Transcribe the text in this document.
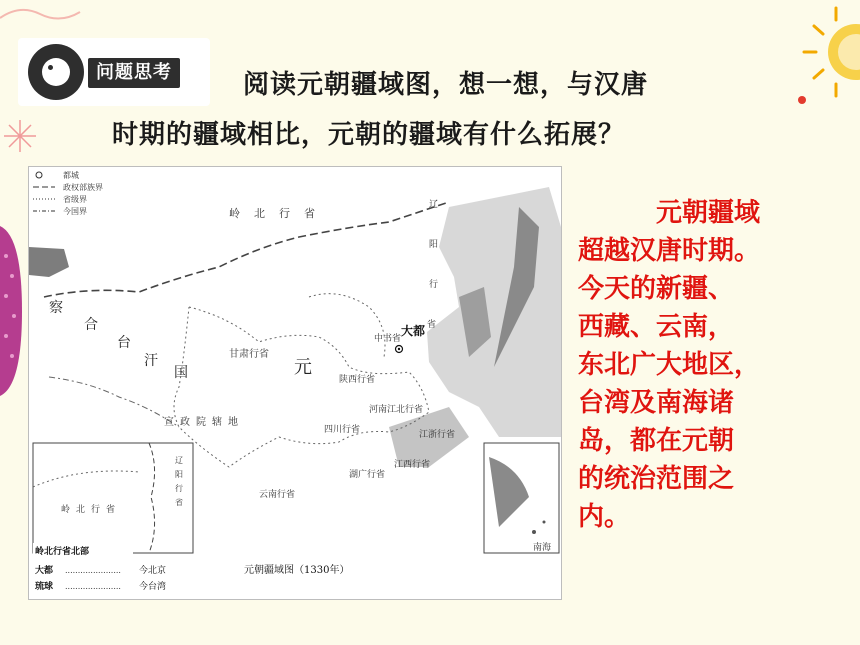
问题思考	阅读元朝疆域图，想一想，与汉唐
时期的疆域相比，元朝的疆域有什么拓展？
都城
政权部族界
省级界
今国界	岭北行省
察
合
台
汗
国	元
甘肃行省
宣政院辖地
辽
阳
行
省
中书省
大都
陕西行省
四川行省
河南江北行省
江浙行省
江西行省
湖广行省
云南行省
岭北行省
辽
阳
行
省
岭北行省北部	南海
大都 ...................... 今北京
琉球 ...................... 今台湾
元朝疆域图（1330年）
元朝疆域
超越汉唐时期。
今天的新疆、
西藏、云南，
东北广大地区，
台湾及南海诸
岛，都在元朝
的统治范围之
内。
